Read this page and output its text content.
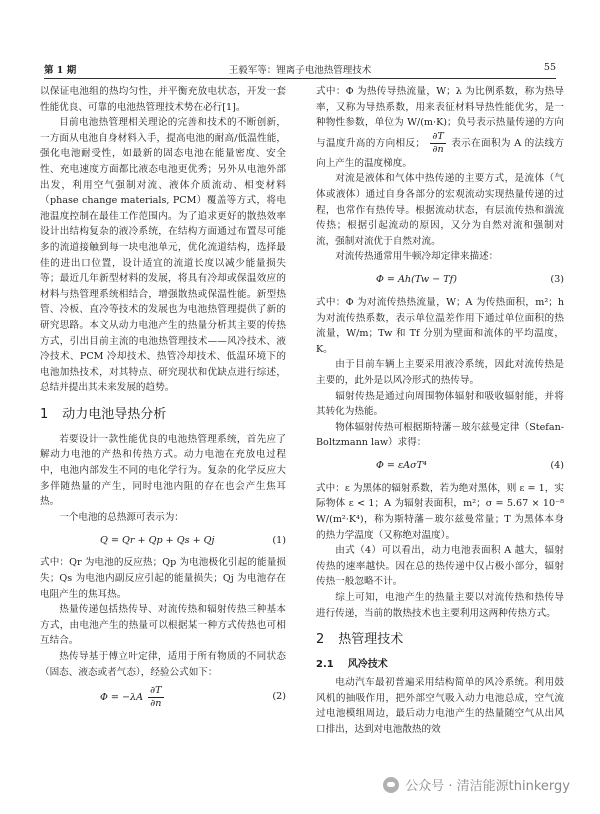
第 1 期	王毅军等：锂离子电池热管理技术	55

以保证电池组的热均匀性，并平衡充放电状态，开发一套性能优良、可靠的电池热管理技术势在必行[1]。

目前电池热管理相关理论的完善和技术的不断创新，一方面从电池自身材料入手，提高电池的耐高/低温性能，强化电池耐受性，如最新的固态电池在能量密度、安全性、充电速度方面都比液态电池更优秀；另外从电池外部出发，利用空气强制对流、液体介质流动、相变材料（phase change materials, PCM）覆盖等方式，将电池温度控制在最佳工作范围内。为了追求更好的散热效率设计出结构复杂的液冷系统，在结构方面通过布置尽可能多的流道接触到每一块电池单元，优化流道结构，选择最佳的进出口位置，设计适宜的流道长度以减少能量损失等；最近几年新型材料的发展，将具有冷却或保温效应的材料与热管理系统相结合，增强散热或保温性能。新型热管、冷板、直冷等技术的发展也为电池热管理提供了新的研究思路。本文从动力电池产生的热量分析其主要的传热方式，引出目前主流的电池热管理技术——风冷技术、液冷技术、PCM 冷却技术、热管冷却技术、低温环境下的电池加热技术，对其特点、研究现状和优缺点进行综述，总结并提出其未来发展的趋势。

1 动力电池导热分析

若要设计一款性能优良的电池热管理系统，首先应了解动力电池的产热和传热方式。动力电池在充放电过程中，电池内部发生不同的电化学行为。复杂的化学反应大多伴随热量的产生，同时电池内阻的存在也会产生焦耳热。

一个电池的总热源可表示为：

Q = Qr + Qp + Qs + Qj	(1)

式中：Qr 为电池的反应热；Qp 为电池极化引起的能量损失；Qs 为电池内副反应引起的能量损失；Qj 为电池存在电阻产生的焦耳热。

热量传递包括热传导、对流传热和辐射传热三种基本方式，由电池产生的热量可以根据某一种方式传热也可相互结合。

热传导基于傅立叶定律，适用于所有物质的不同状态（固态、液态或者气态），经验公式如下：

$\Phi = -\lambda A \frac{\partial T}{\partial n}$	(2)

式中：Φ 为热传导热流量，W；λ 为比例系数，称为热导率，又称为导热系数，用来表征材料导热性能优劣，是一种物性参数，单位为 W/(m·K)；负号表示热量传递的方向与温度升高的方向相反； $\frac{\partial T}{\partial n}$ 表示在面积为 A 的法线方向上产生的温度梯度。

对流是液体和气体中热传递的主要方式，是流体（气体或液体）通过自身各部分的宏观流动实现热量传递的过程，也常作有热传导。根据流动状态，有层流传热和湍流传热；根据引起流动的原因，又分为自然对流和强制对流，强制对流优于自然对流。

对流传热通常用牛顿冷却定律来描述：

Φ = Ah(Tw − Tf)	(3)

式中：Φ 为对流传热热流量，W；A 为传热面积，m²；h 为对流传热系数，表示单位温差作用下通过单位面积的热流量，W/m；Tw 和 Tf 分别为壁面和流体的平均温度，K。

由于目前车辆上主要采用液冷系统，因此对流传热是主要的，此外是以风冷形式的热传导。

辐射传热是通过向周围物体辐射和吸收辐射能，并将其转化为热能。

物体辐射传热可根据斯特藩－玻尔兹曼定律（Stefan-Boltzmann law）求得：

Φ = εAσT⁴	(4)

式中：ε 为黑体的辐射系数，若为绝对黑体，则 ε = 1，实际物体 ε < 1；A 为辐射表面积，m²；σ = 5.67 × 10⁻⁸ W/(m²·K⁴)，称为斯特藩－玻尔兹曼常量；T 为黑体本身的热力学温度（又称绝对温度）。

由式（4）可以看出，动力电池表面积 A 越大，辐射传热的速率越快。因在总的热传递中仅占极小部分，辐射传热一般忽略不计。

综上可知，电池产生的热量主要以对流传热和热传导进行传递，当前的散热技术也主要利用这两种传热方式。

2 热管理技术
2.1 风冷技术

电动汽车最初普遍采用结构简单的风冷系统。利用鼓风机的抽吸作用，把外部空气吸入动力电池总成，空气流过电池模组周边，最后动力电池产生的热量随空气从出风口排出，达到对电池散热的效

公众号 · 清洁能源thinkergy
